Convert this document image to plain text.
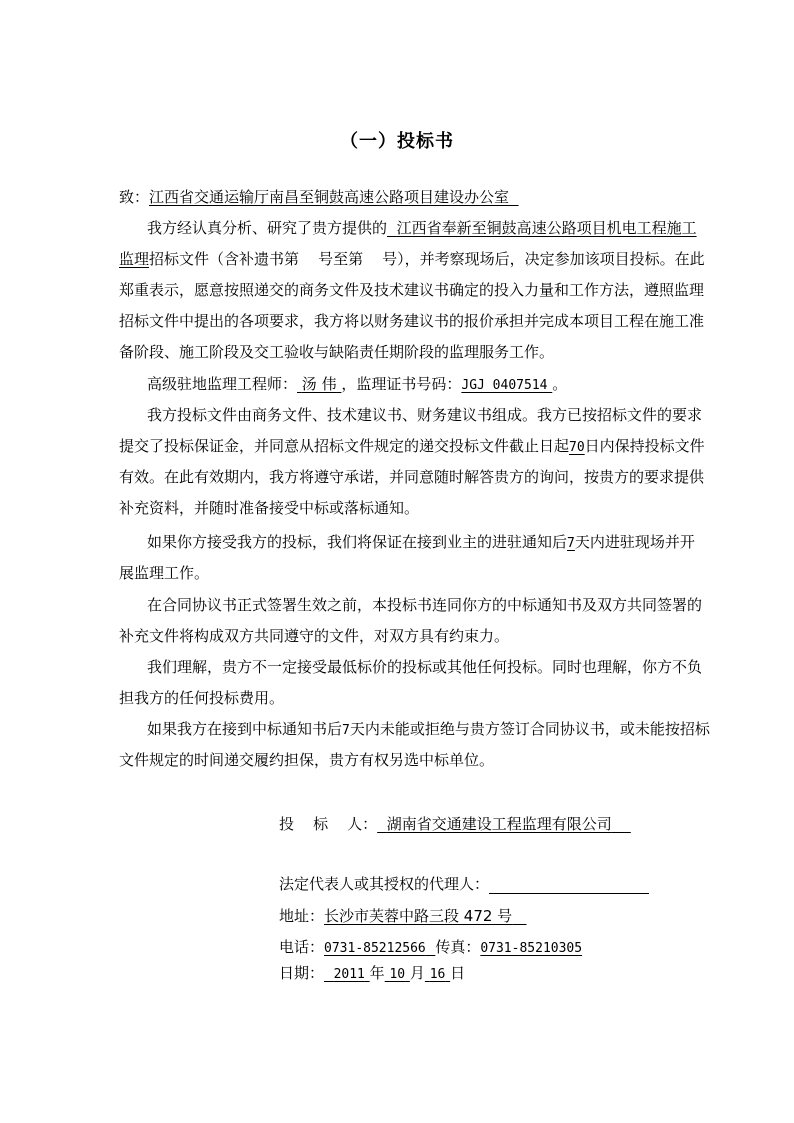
（一）投标书
致：江西省交通运输厅南昌至铜鼓高速公路项目建设办公室
我方经认真分析、研究了贵方提供的 江西省奉新至铜鼓高速公路项目机电工程施工
监理招标文件（含补遗书第    号至第    号），并考察现场后，决定参加该项目投标。在此
郑重表示，愿意按照递交的商务文件及技术建议书确定的投入力量和工作方法，遵照监理
招标文件中提出的各项要求，我方将以财务建议书的报价承担并完成本项目工程在施工准
备阶段、施工阶段及交工验收与缺陷责任期阶段的监理服务工作。
高级驻地监理工程师： 汤 伟 ，监理证书号码：JGJ 0407514 。
我方投标文件由商务文件、技术建议书、财务建议书组成。我方已按招标文件的要求
提交了投标保证金，并同意从招标文件规定的递交投标文件截止日起70日内保持投标文件
有效。在此有效期内，我方将遵守承诺，并同意随时解答贵方的询问，按贵方的要求提供
补充资料，并随时准备接受中标或落标通知。
如果你方接受我方的投标，我们将保证在接到业主的进驻通知后7天内进驻现场并开
展监理工作。
在合同协议书正式签署生效之前，本投标书连同你方的中标通知书及双方共同签署的
补充文件将构成双方共同遵守的文件，对双方具有约束力。
我们理解，贵方不一定接受最低标价的投标或其他任何投标。同时也理解，你方不负
担我方的任何投标费用。
如果我方在接到中标通知书后7天内未能或拒绝与贵方签订合同协议书，或未能按招标
文件规定的时间递交履约担保，贵方有权另选中标单位。
投    标    人： 湖南省交通建设工程监理有限公司
法定代表人或其授权的代理人：
地址：长沙市芙蓉中路三段 472 号
电话：0731-85212566 传真：0731-85210305
日期： 2011 年 10 月 16 日
